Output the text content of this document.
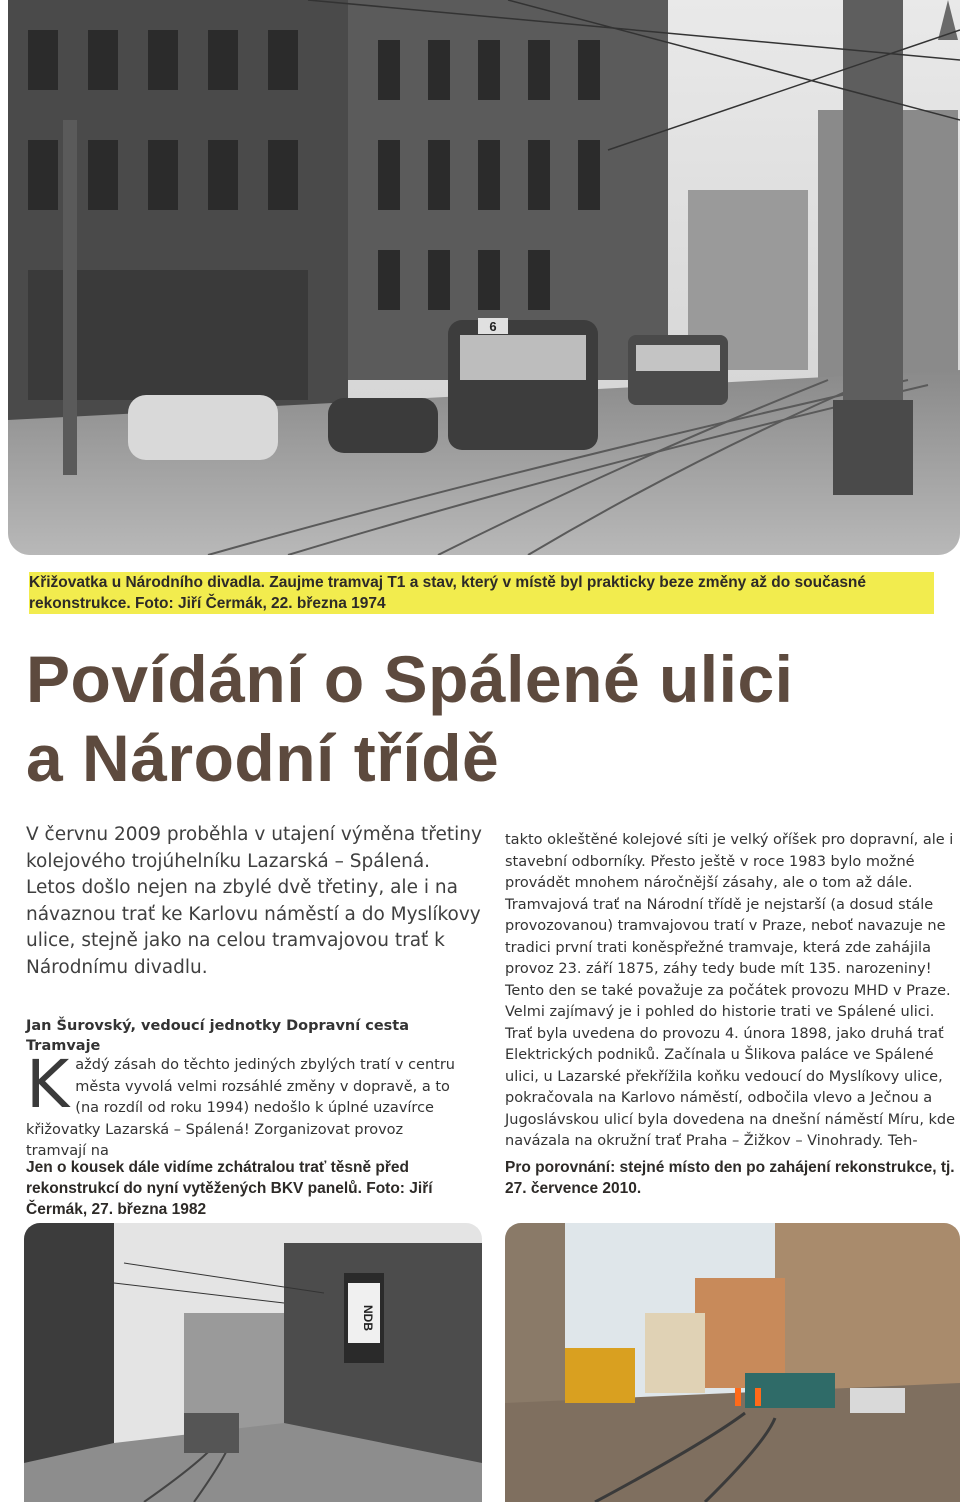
6
Křižovatka u Národního divadla. Zaujme tramvaj T1 a stav, který v místě byl prakticky beze změny až do současné rekonstrukce. Foto: Jiří Čermák, 22. března 1974
Povídání o Spálené ulici
a Národní třídě
V červnu 2009 proběhla v utajení výměna třetiny kolejového trojúhelníku Lazarská – Spálená. Letos došlo nejen na zbylé dvě třetiny, ale i na návaznou trať ke Karlovu náměstí a do Myslíkovy ulice, stejně jako na celou tramvajovou trať k Národnímu divadlu.
Jan Šurovský, vedoucí jednotky Dopravní cesta Tramvaje
Každý zásah do těchto jediných zbylých tratí v centru města vyvolá velmi rozsáhlé změny v dopravě, a to (na rozdíl od roku 1994) nedošlo k úplné uzavírce křižovatky Lazarská – Spálená! Zorganizovat provoz tramvají na
Jen o kousek dále vidíme zchátralou trať těsně před rekonstrukcí do nyní vytěžených BKV panelů. Foto: Jiří Čermák, 27. března 1982

takto okleštěné kolejové síti je velký oříšek pro dopravní, ale i stavební odborníky. Přesto ještě v roce 1983 bylo možné provádět mnohem náročnější zásahy, ale o tom až dále. Tramvajová trať na Národní třídě je nejstarší (a dosud stále provozovanou) tramvajovou tratí v Praze, neboť navazuje ne tradici první trati koněspřežné tramvaje, která zde zahájila provoz 23. září 1875, záhy tedy bude mít 135. narozeniny! Tento den se také považuje za počátek provozu MHD v Praze. Velmi zajímavý je i pohled do historie trati ve Spálené ulici. Trať byla uvedena do provozu 4. února 1898, jako druhá trať Elektrických podniků. Začínala u Šlikova paláce ve Spálené ulici, u Lazarské překřížila koňku vedoucí do Myslíkovy ulice, pokračovala na Karlovo náměstí, odbočila vlevo a Ječnou a Jugoslávskou ulicí byla dovedena na dnešní náměstí Míru, kde navázala na okružní trať Praha – Žižkov – Vinohrady. Teh-

Pro porovnání: stejné místo den po zahájení rekonstrukce, tj. 27. července 2010.
NDB
